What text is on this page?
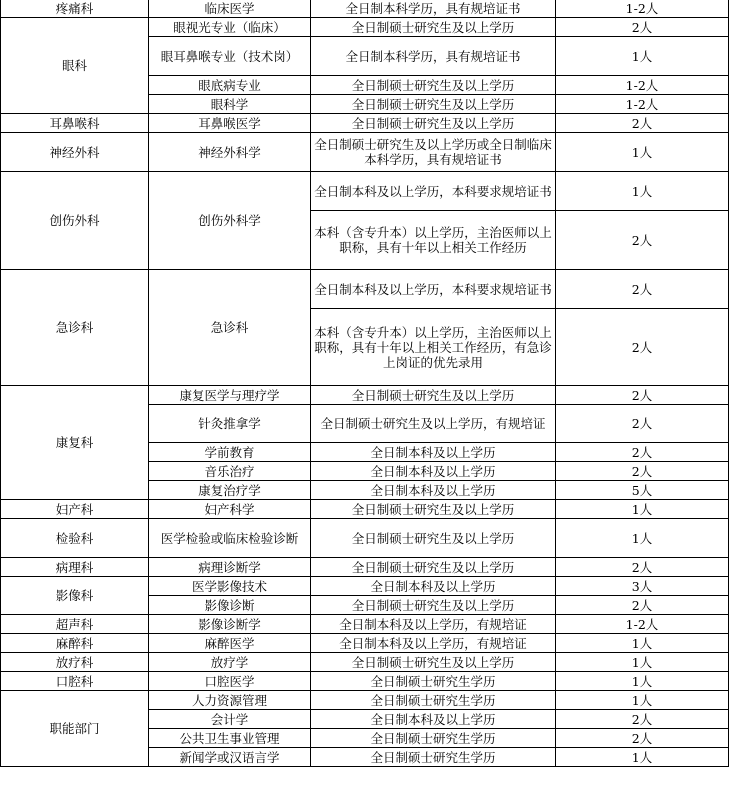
疼痛科	临床医学	全日制本科学历，具有规培证书	1-2人
眼科	眼视光专业（临床）	全日制硕士研究生及以上学历	2人
	眼耳鼻喉专业（技术岗）	全日制本科学历，具有规培证书	1人
	眼底病专业	全日制硕士研究生及以上学历	1-2人
	眼科学	全日制硕士研究生及以上学历	1-2人
耳鼻喉科	耳鼻喉医学	全日制硕士研究生及以上学历	2人
神经外科	神经外科学	全日制硕士研究生及以上学历或全日制临床本科学历，具有规培证书	1人
创伤外科	创伤外科学	全日制本科及以上学历，本科要求规培证书	1人
		本科（含专升本）以上学历，主治医师以上职称，具有十年以上相关工作经历	2人
急诊科	急诊科	全日制本科及以上学历，本科要求规培证书	2人
		本科（含专升本）以上学历，主治医师以上职称，具有十年以上相关工作经历，有急诊上岗证的优先录用	2人
康复科	康复医学与理疗学	全日制硕士研究生及以上学历	2人
	针灸推拿学	全日制硕士研究生及以上学历，有规培证	2人
	学前教育	全日制本科及以上学历	2人
	音乐治疗	全日制本科及以上学历	2人
	康复治疗学	全日制本科及以上学历	5人
妇产科	妇产科学	全日制硕士研究生及以上学历	1人
检验科	医学检验或临床检验诊断	全日制硕士研究生及以上学历	1人
病理科	病理诊断学	全日制硕士研究生及以上学历	2人
影像科	医学影像技术	全日制本科及以上学历	3人
	影像诊断	全日制硕士研究生及以上学历	2人
超声科	影像诊断学	全日制本科及以上学历，有规培证	1-2人
麻醉科	麻醉医学	全日制本科及以上学历，有规培证	1人
放疗科	放疗学	全日制硕士研究生及以上学历	1人
口腔科	口腔医学	全日制硕士研究生学历	1人
职能部门	人力资源管理	全日制硕士研究生学历	1人
	会计学	全日制本科及以上学历	2人
	公共卫生事业管理	全日制硕士研究生学历	2人
	新闻学或汉语言学	全日制硕士研究生学历	1人
